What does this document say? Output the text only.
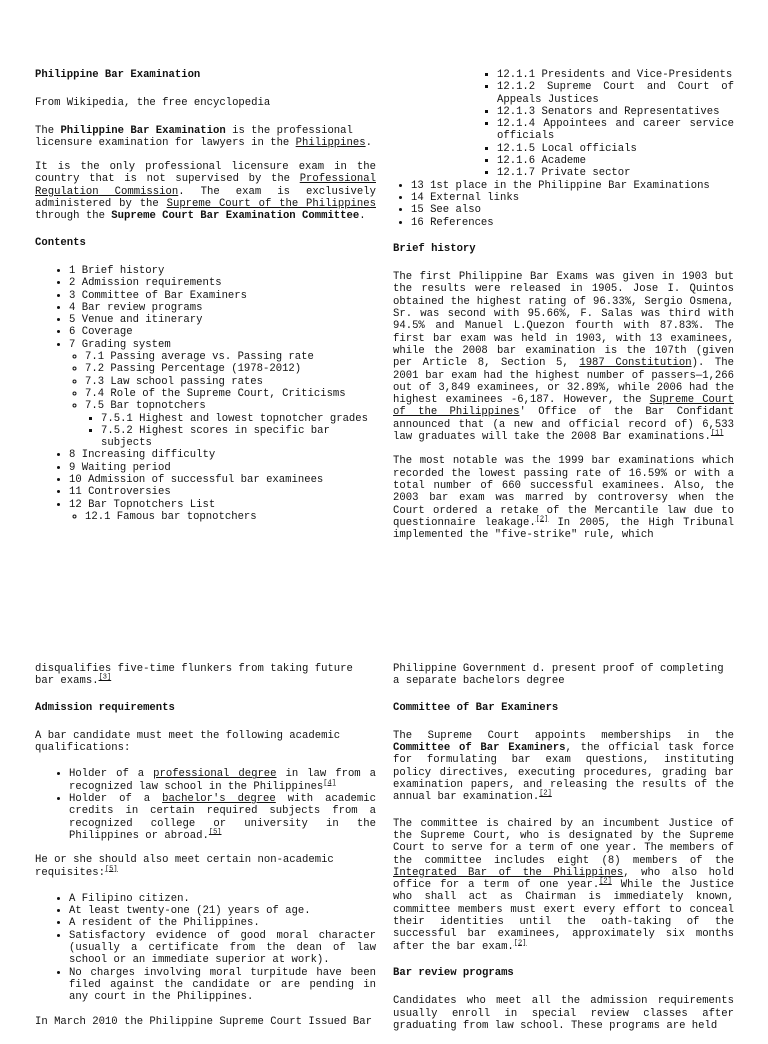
Philippine Bar Examination

From Wikipedia, the free encyclopedia

The Philippine Bar Examination is the professional licensure examination for lawyers in the Philippines.

It is the only professional licensure exam in the country that is not supervised by the Professional Regulation Commission. The exam is exclusively administered by the Supreme Court of the Philippines through the Supreme Court Bar Examination Committee.

Contents
• 1 Brief history
• 2 Admission requirements
• 3 Committee of Bar Examiners
• 4 Bar review programs
• 5 Venue and itinerary
• 6 Coverage
• 7 Grading system
◦ 7.1 Passing average vs. Passing rate
◦ 7.2 Passing Percentage (1978-2012)
◦ 7.3 Law school passing rates
◦ 7.4 Role of the Supreme Court, Criticisms
◦ 7.5 Bar topnotchers
▪ 7.5.1 Highest and lowest topnotcher grades
▪ 7.5.2 Highest scores in specific bar subjects
• 8 Increasing difficulty
• 9 Waiting period
• 10 Admission of successful bar examinees
• 11 Controversies
• 12 Bar Topnotchers List
◦ 12.1 Famous bar topnotchers
▪ 12.1.1 Presidents and Vice-Presidents
▪ 12.1.2 Supreme Court and Court of Appeals Justices
▪ 12.1.3 Senators and Representatives
▪ 12.1.4 Appointees and career service officials
▪ 12.1.5 Local officials
▪ 12.1.6 Academe
▪ 12.1.7 Private sector
• 13 1st place in the Philippine Bar Examinations
• 14 External links
• 15 See also
• 16 References
Brief history

The first Philippine Bar Exams was given in 1903 but the results were released in 1905. Jose I. Quintos obtained the highest rating of 96.33%, Sergio Osmena, Sr. was second with 95.66%, F. Salas was third with 94.5% and Manuel L.Quezon fourth with 87.83%. The first bar exam was held in 1903, with 13 examinees, while the 2008 bar examination is the 107th (given per Article 8, Section 5, 1987 Constitution). The 2001 bar exam had the highest number of passers—1,266 out of 3,849 examinees, or 32.89%, while 2006 had the highest examinees -6,187. However, the Supreme Court of the Philippines' Office of the Bar Confidant announced that (a new and official record of) 6,533 law graduates will take the 2008 Bar examinations.[1]

The most notable was the 1999 bar examinations which recorded the lowest passing rate of 16.59% or with a total number of 660 successful examinees. Also, the 2003 bar exam was marred by controversy when the Court ordered a retake of the Mercantile law due to questionnaire leakage.[2] In 2005, the High Tribunal implemented the "five-strike" rule, which

disqualifies five-time flunkers from taking future bar exams.[3]

Admission requirements

A bar candidate must meet the following academic qualifications:

• Holder of a professional degree in law from a recognized law school in the Philippines[4]
• Holder of a bachelor's degree with academic credits in certain required subjects from a recognized college or university in the Philippines or abroad.[5]

He or she should also meet certain non-academic requisites:[5]

• A Filipino citizen.
• At least twenty-one (21) years of age.
• A resident of the Philippines.
• Satisfactory evidence of good moral character (usually a certificate from the dean of law school or an immediate superior at work).
• No charges involving moral turpitude have been filed against the candidate or are pending in any court in the Philippines.

In March 2010 the Philippine Supreme Court Issued Bar

Philippine Government d. present proof of completing a separate bachelors degree

Committee of Bar Examiners

The Supreme Court appoints memberships in the Committee of Bar Examiners, the official task force for formulating bar exam questions, instituting policy directives, executing procedures, grading bar examination papers, and releasing the results of the annual bar examination.[2]

The committee is chaired by an incumbent Justice of the Supreme Court, who is designated by the Supreme Court to serve for a term of one year. The members of the committee includes eight (8) members of the Integrated Bar of the Philippines, who also hold office for a term of one year.[2] While the Justice who shall act as Chairman is immediately known, committee members must exert every effort to conceal their identities until the oath-taking of the successful bar examinees, approximately six months after the bar exam.[2]

Bar review programs

Candidates who meet all the admission requirements usually enroll in special review classes after graduating from law school. These programs are held
